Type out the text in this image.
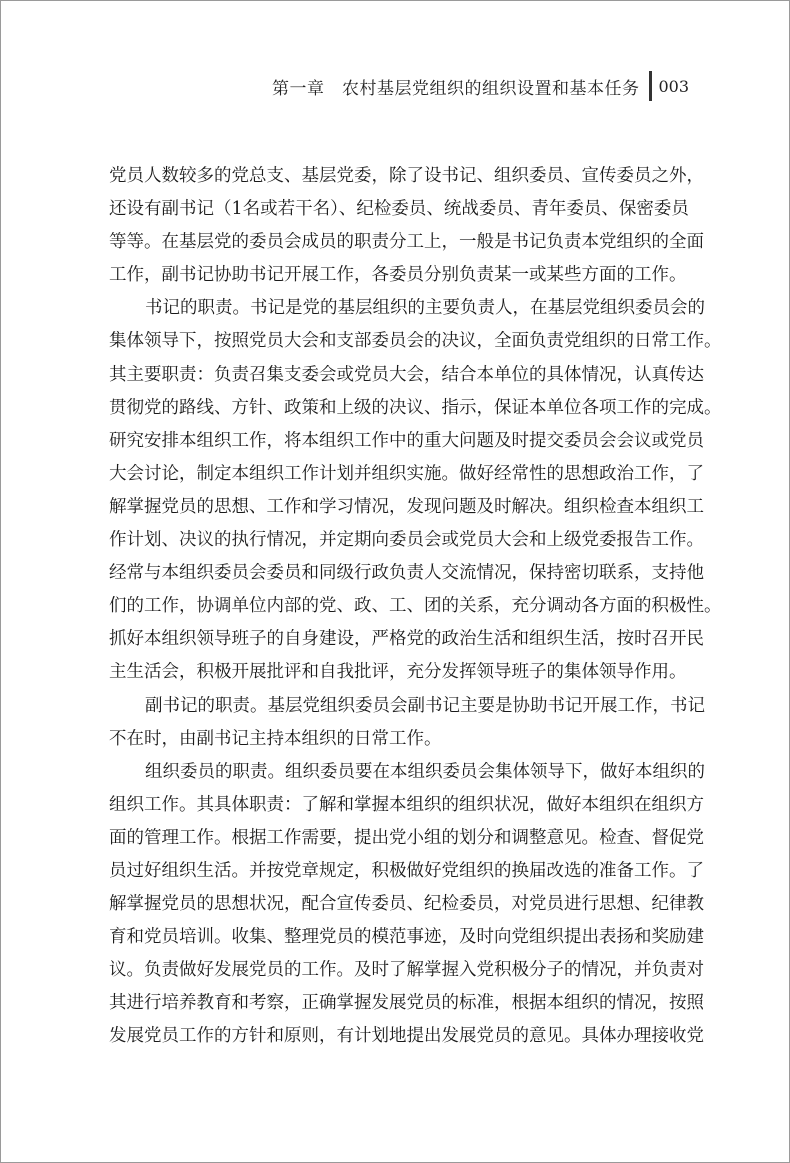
第一章　农村基层党组织的组织设置和基本任务 003
党员人数较多的党总支、基层党委，除了设书记、组织委员、宣传委员之外，
还设有副书记（1名或若干名）、纪检委员、统战委员、青年委员、保密委员
等等。在基层党的委员会成员的职责分工上，一般是书记负责本党组织的全面
工作，副书记协助书记开展工作，各委员分别负责某一或某些方面的工作。
书记的职责。书记是党的基层组织的主要负责人，在基层党组织委员会的
集体领导下，按照党员大会和支部委员会的决议，全面负责党组织的日常工作。
其主要职责：负责召集支委会或党员大会，结合本单位的具体情况，认真传达
贯彻党的路线、方针、政策和上级的决议、指示，保证本单位各项工作的完成。
研究安排本组织工作，将本组织工作中的重大问题及时提交委员会会议或党员
大会讨论，制定本组织工作计划并组织实施。做好经常性的思想政治工作，了
解掌握党员的思想、工作和学习情况，发现问题及时解决。组织检查本组织工
作计划、决议的执行情况，并定期向委员会或党员大会和上级党委报告工作。
经常与本组织委员会委员和同级行政负责人交流情况，保持密切联系，支持他
们的工作，协调单位内部的党、政、工、团的关系，充分调动各方面的积极性。
抓好本组织领导班子的自身建设，严格党的政治生活和组织生活，按时召开民
主生活会，积极开展批评和自我批评，充分发挥领导班子的集体领导作用。
副书记的职责。基层党组织委员会副书记主要是协助书记开展工作，书记
不在时，由副书记主持本组织的日常工作。
组织委员的职责。组织委员要在本组织委员会集体领导下，做好本组织的
组织工作。其具体职责：了解和掌握本组织的组织状况，做好本组织在组织方
面的管理工作。根据工作需要，提出党小组的划分和调整意见。检查、督促党
员过好组织生活。并按党章规定，积极做好党组织的换届改选的准备工作。了
解掌握党员的思想状况，配合宣传委员、纪检委员，对党员进行思想、纪律教
育和党员培训。收集、整理党员的模范事迹，及时向党组织提出表扬和奖励建
议。负责做好发展党员的工作。及时了解掌握入党积极分子的情况，并负责对
其进行培养教育和考察，正确掌握发展党员的标准，根据本组织的情况，按照
发展党员工作的方针和原则，有计划地提出发展党员的意见。具体办理接收党
